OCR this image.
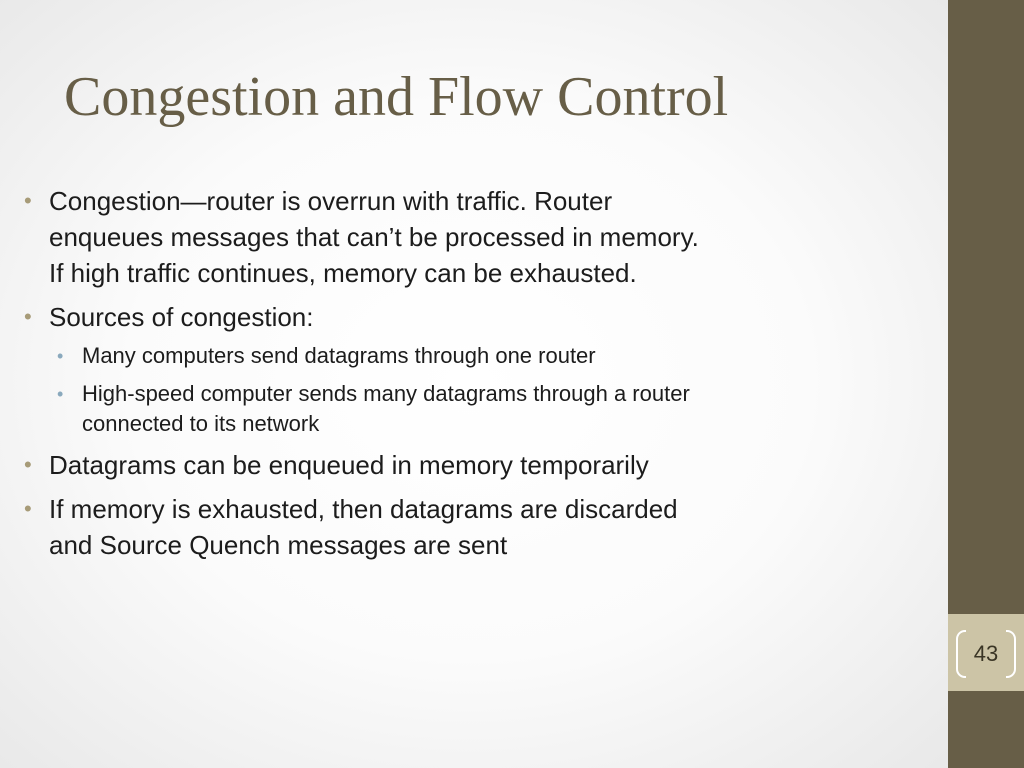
43
Congestion and Flow Control
• Congestion—router is overrun with traffic. Router
enqueues messages that can’t be processed in memory.
If high traffic continues, memory can be exhausted.
• Sources of congestion:
• Many computers send datagrams through one router
• High-speed computer sends many datagrams through a router
connected to its network
• Datagrams can be enqueued in memory temporarily
• If memory is exhausted, then datagrams are discarded
and Source Quench messages are sent
